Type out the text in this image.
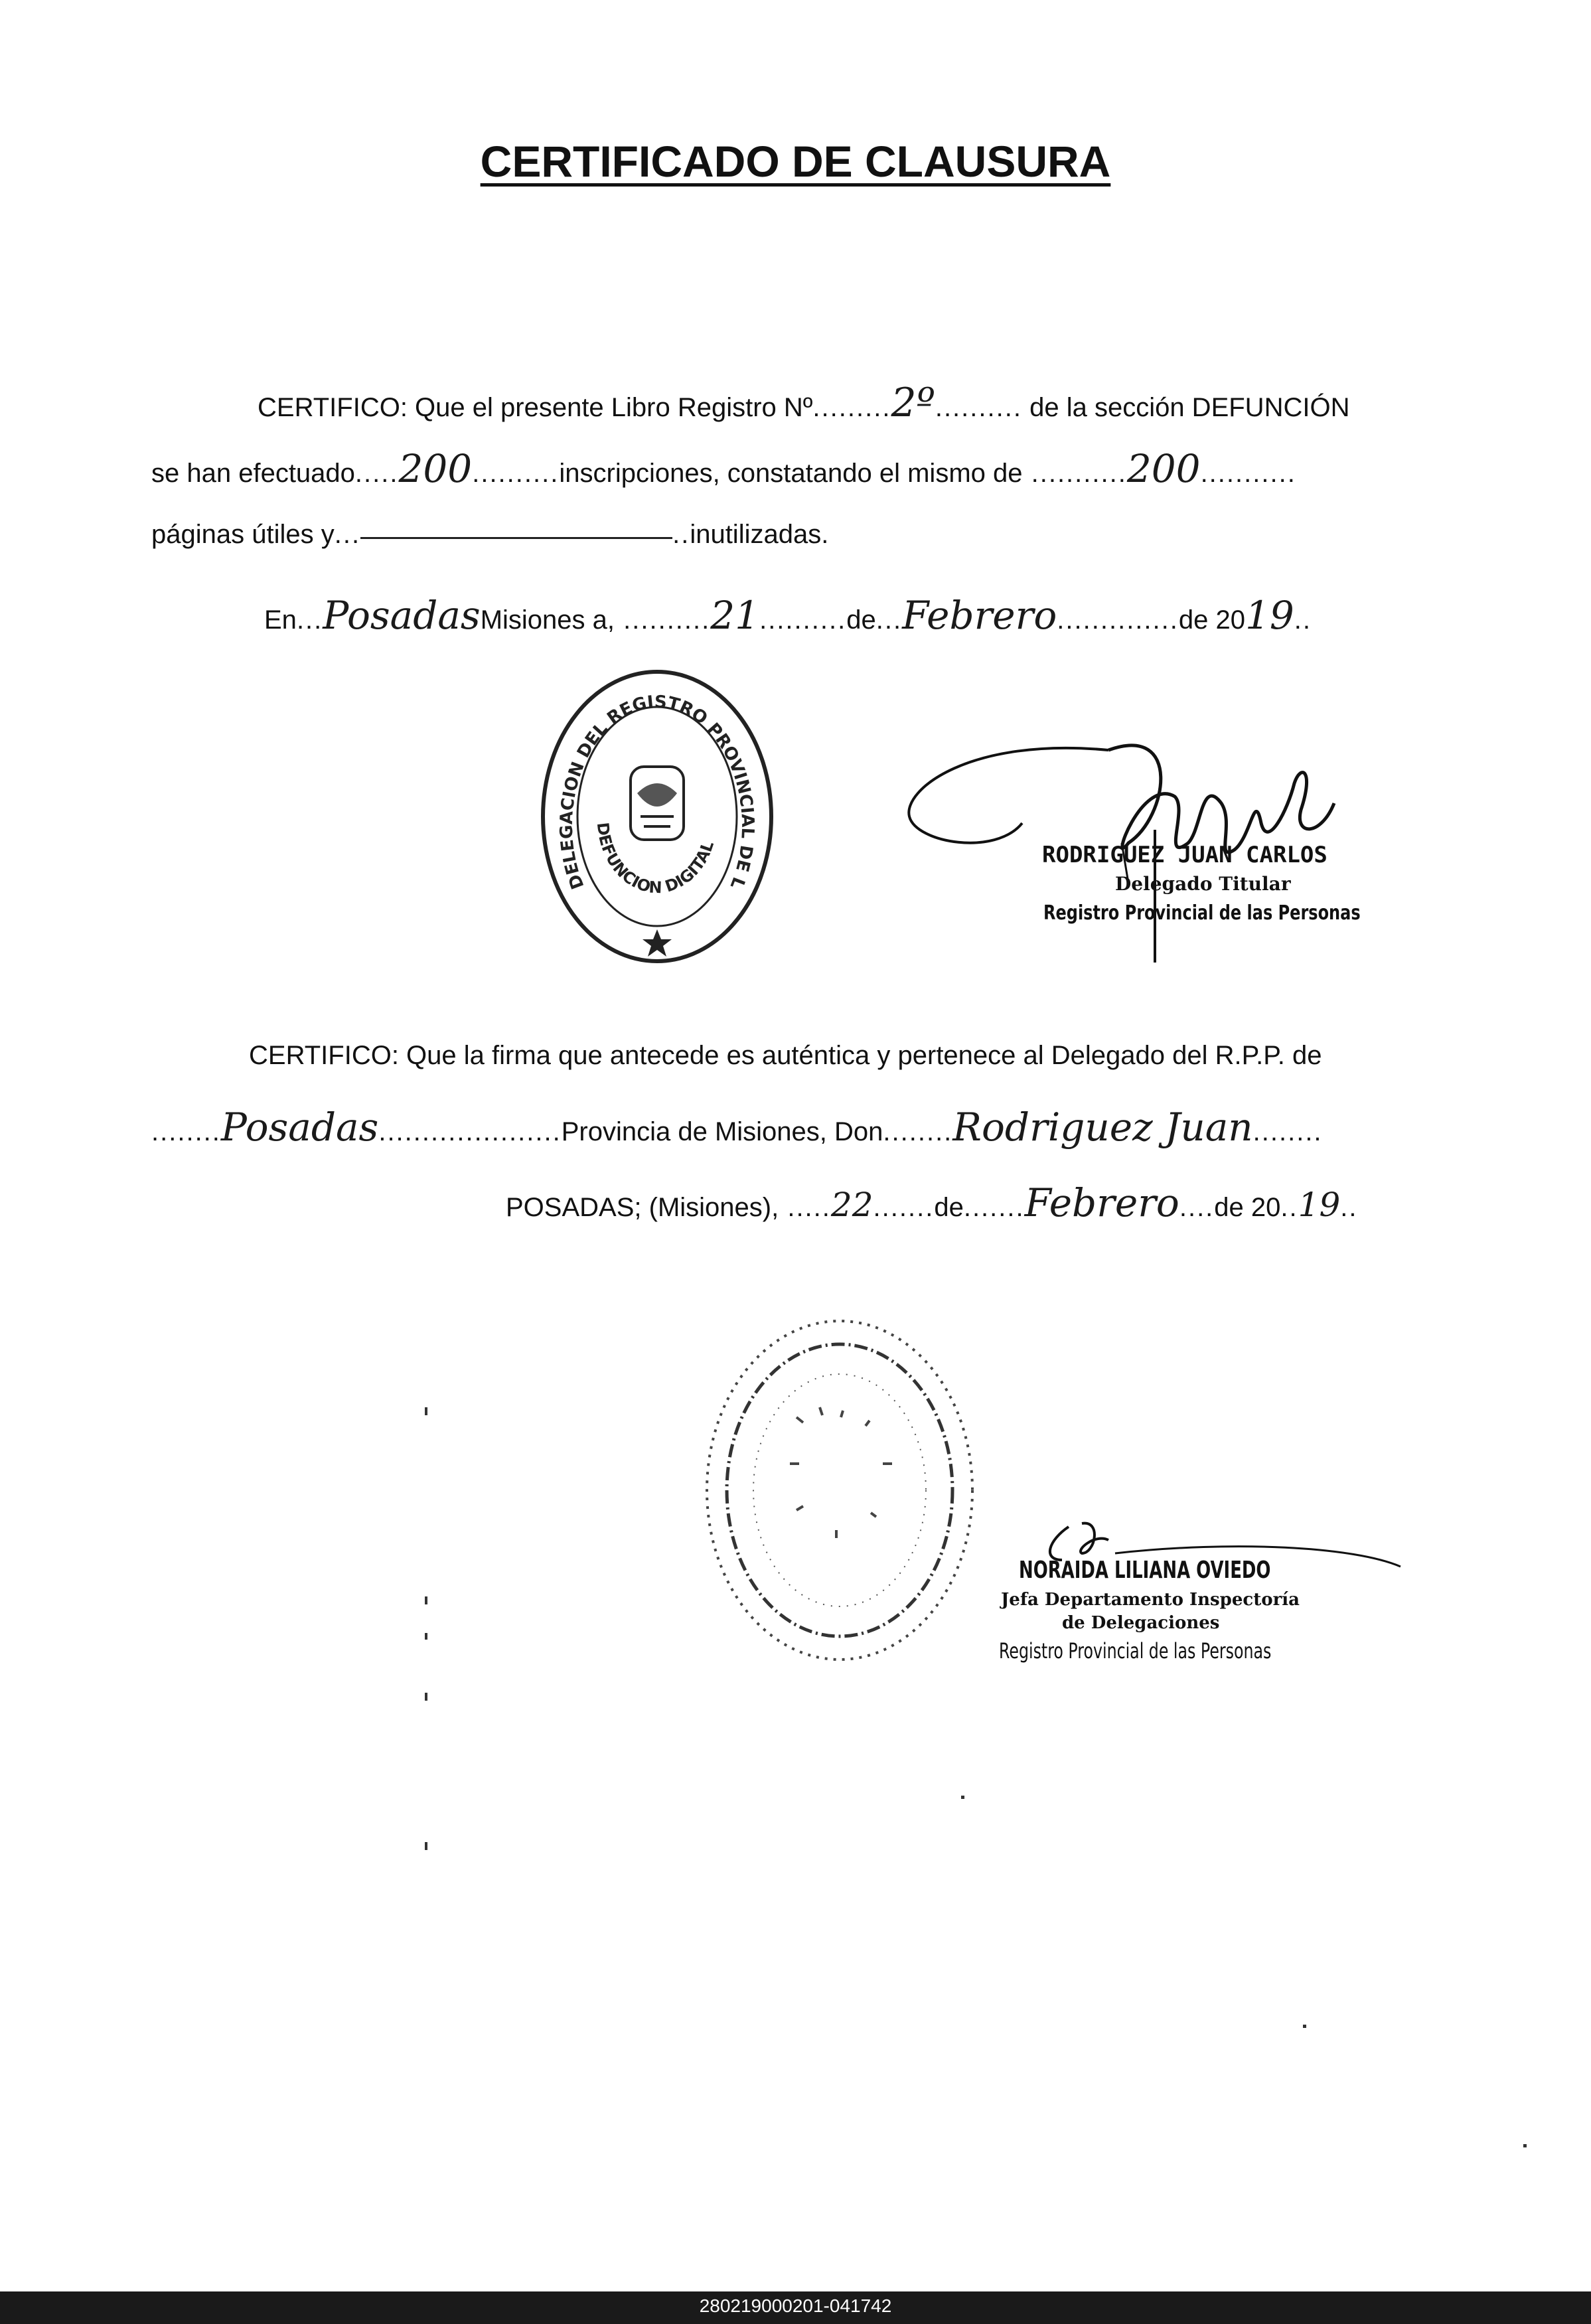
CERTIFICADO DE CLAUSURA
CERTIFICO: Que el presente Libro Registro Nº.........2º.......... de la sección DEFUNCIÓN
se han efectuado.....200..........inscripciones, constatando el mismo de ...........200...........
páginas útiles y...	..inutilizadas.
En...PosadasMisiones a, ..........21..........de...Febrero..............de 2019..
DELEGACION DEL REGISTRO PROVINCIAL DE L
DEFUNCION DIGITAL	RODRIGUEZ JUAN CARLOS
Delegado Titular
Registro Provincial de las Personas
CERTIFICO: Que la firma que antecede es auténtica y pertenece al Delegado del R.P.P. de
........Posadas.....................Provincia de Misiones, Don........Rodriguez Juan........
POSADAS; (Misiones), .....22.......de.......Febrero....de 20..19..
NORAIDA LILIANA OVIEDO
Jefa Departamento Inspectoría
de Delegaciones
Registro Provincial de las Personas
280219000201-041742
